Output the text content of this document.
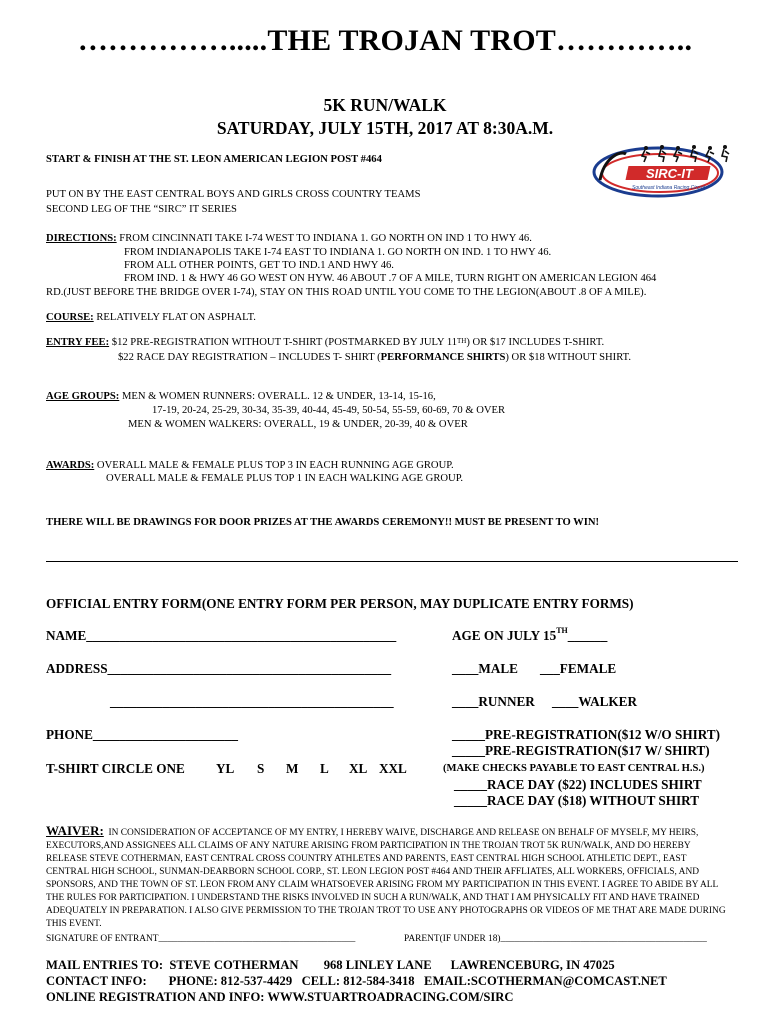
…………….....THE TROJAN TROT…………..
5K RUN/WALK
SATURDAY, JULY 15TH, 2017 AT 8:30A.M.
SIRC-IT
Southeast Indiana Racing Circuit
START & FINISH AT THE ST. LEON AMERICAN LEGION POST #464
PUT ON BY THE EAST CENTRAL BOYS AND GIRLS CROSS COUNTRY TEAMS
SECOND LEG OF THE “SIRC” IT SERIES
DIRECTIONS: FROM CINCINNATI TAKE I-74 WEST TO INDIANA 1. GO NORTH ON IND 1 TO HWY 46.
FROM INDIANAPOLIS TAKE I-74 EAST TO INDIANA 1. GO NORTH ON IND. 1 TO HWY 46.
FROM ALL OTHER POINTS, GET TO IND.1 AND HWY 46.
FROM IND. 1 & HWY 46 GO WEST ON HYW. 46 ABOUT .7 OF A MILE, TURN RIGHT ON AMERICAN LEGION 464
RD.(JUST BEFORE THE BRIDGE OVER I-74), STAY ON THIS ROAD UNTIL YOU COME TO THE LEGION(ABOUT .8 OF A MILE).
COURSE: RELATIVELY FLAT ON ASPHALT.
ENTRY FEE: $12 PRE-REGISTRATION WITHOUT T-SHIRT (POSTMARKED BY JULY 11TH) OR $17 INCLUDES T-SHIRT.
$22 RACE DAY REGISTRATION – INCLUDES T- SHIRT (PERFORMANCE SHIRTS) OR $18 WITHOUT SHIRT.
AGE GROUPS: MEN & WOMEN RUNNERS: OVERALL. 12 & UNDER, 13-14, 15-16,
17-19, 20-24, 25-29, 30-34, 35-39, 40-44, 45-49, 50-54, 55-59, 60-69, 70 & OVER
MEN & WOMEN WALKERS: OVERALL, 19 & UNDER, 20-39, 40 & OVER
AWARDS: OVERALL MALE & FEMALE PLUS TOP 3 IN EACH RUNNING AGE GROUP.
OVERALL MALE & FEMALE PLUS TOP 1 IN EACH WALKING AGE GROUP.
THERE WILL BE DRAWINGS FOR DOOR PRIZES AT THE AWARDS CEREMONY!! MUST BE PRESENT TO WIN!
OFFICIAL ENTRY FORM(ONE ENTRY FORM PER PERSON, MAY DUPLICATE ENTRY FORMS)
NAME_______________________________________________	AGE ON JULY 15TH______
ADDRESS___________________________________________	____MALE ___FEMALE
___________________________________________	____RUNNER ____WALKER
PHONE______________________	_____PRE-REGISTRATION($12 W/O SHIRT)
_____PRE-REGISTRATION($17 W/ SHIRT)
T-SHIRT CIRCLE ONE YL S M L XL XXL	(MAKE CHECKS PAYABLE TO EAST CENTRAL H.S.)
_____RACE DAY ($22) INCLUDES SHIRT
_____RACE DAY ($18) WITHOUT SHIRT
WAIVER: IN CONSIDERATION OF ACCEPTANCE OF MY ENTRY, I HEREBY WAIVE, DISCHARGE AND RELEASE ON BEHALF OF MYSELF, MY HEIRS, EXECUTORS,AND ASSIGNEES ALL CLAIMS OF ANY NATURE ARISING FROM PARTICIPATION IN THE TROJAN TROT 5K RUN/WALK, AND DO HEREBY RELEASE STEVE COTHERMAN, EAST CENTRAL CROSS COUNTRY ATHLETES AND PARENTS, EAST CENTRAL HIGH SCHOOL ATHLETIC DEPT., EAST CENTRAL HIGH SCHOOL, SUNMAN-DEARBORN SCHOOL CORP., ST. LEON LEGION POST #464 AND THEIR AFFLIATES, ALL WORKERS, OFFICIALS, AND SPONSORS, AND THE TOWN OF ST. LEON FROM ANY CLAIM WHATSOEVER ARISING FROM MY PARTICIPATION IN THIS EVENT. I AGREE TO ABIDE BY ALL THE RULES FOR PARTICIPATION. I UNDERSTAND THE RISKS INVOLVED IN SUCH A RUN/WALK, AND THAT I AM PHYSICALLY FIT AND HAVE TRAINED ADEQUATELY IN PREPARATION. I ALSO GIVE PERMISSION TO THE TROJAN TROT TO USE ANY PHOTOGRAPHS OR VIDEOS OF ME THAT ARE MADE DURING THIS EVENT.
SIGNATURE OF ENTRANT__________________________________________	PARENT(IF UNDER 18)____________________________________________
MAIL ENTRIES TO:  STEVE COTHERMAN        968 LINLEY LANE      LAWRENCEBURG, IN 47025
CONTACT INFO:       PHONE: 812-537-4429   CELL: 812-584-3418   EMAIL:SCOTHERMAN@COMCAST.NET
ONLINE REGISTRATION AND INFO: WWW.STUARTROADRACING.COM/SIRC
